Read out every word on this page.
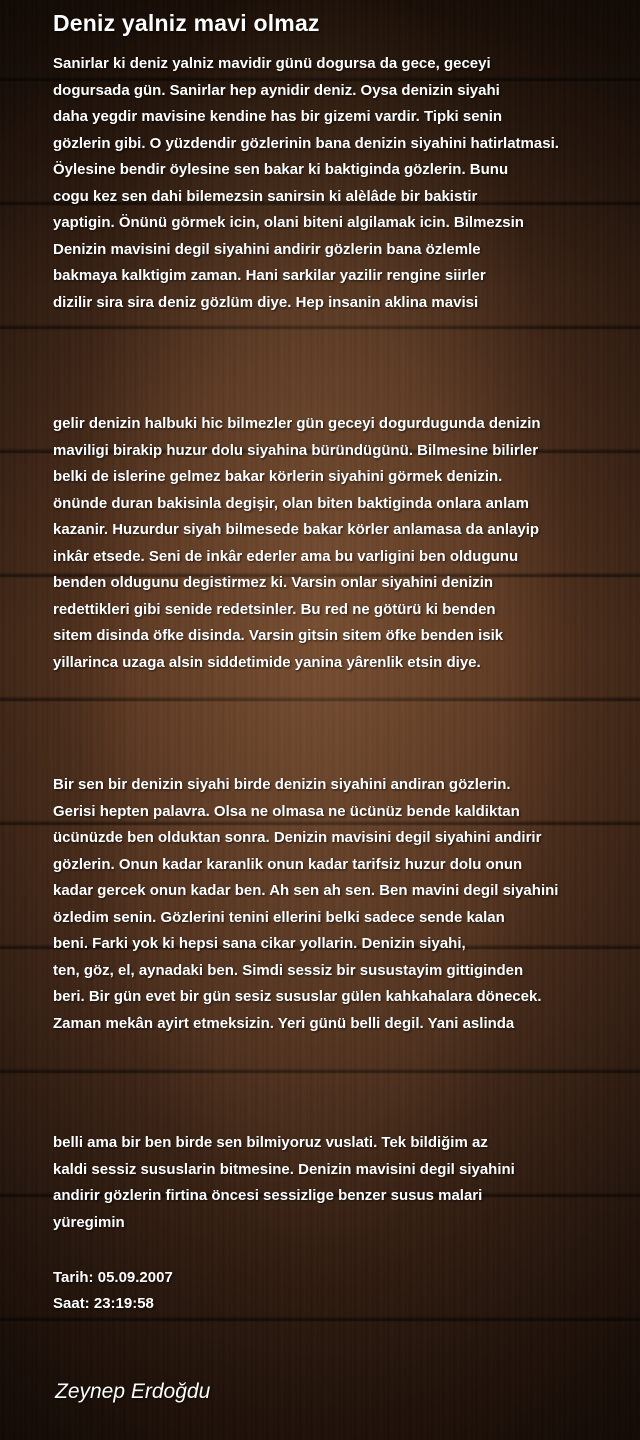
Deniz yalniz mavi olmaz
Sanirlar ki deniz yalniz mavidir günü dogursa da gece, geceyi
dogursada gün. Sanirlar hep aynidir deniz. Oysa denizin siyahi
daha yegdir mavisine kendine has bir gizemi vardir. Tipki senin
gözlerin gibi. O yüzdendir gözlerinin bana denizin siyahini hatirlatmasi.
Öylesine bendir öylesine sen bakar ki baktiginda gözlerin. Bunu
cogu kez sen dahi bilemezsin sanirsin ki alèlâde bir bakistir
yaptigin. Önünü görmek icin, olani biteni algilamak icin. Bilmezsin
Denizin mavisini degil siyahini andirir gözlerin bana özlemle
bakmaya kalktigim zaman. Hani sarkilar yazilir rengine siirler
dizilir sira sira deniz gözlüm diye. Hep insanin aklina mavisi
gelir denizin halbuki hic bilmezler gün geceyi dogurdugunda denizin
maviligi birakip huzur dolu siyahina büründügünü. Bilmesine bilirler
belki de islerine gelmez bakar körlerin siyahini görmek denizin.
önünde duran bakisinla degişir, olan biten baktiginda onlara anlam
kazanir. Huzurdur siyah bilmesede bakar körler anlamasa da anlayip
inkâr etsede. Seni de inkâr ederler ama bu varligini ben oldugunu
benden oldugunu degistirmez ki. Varsin onlar siyahini denizin
redettikleri gibi senide redetsinler. Bu red ne götürü ki benden
sitem disinda öfke disinda. Varsin gitsin sitem öfke benden isik
yillarinca uzaga alsin siddetimide yanina yârenlik etsin diye.
Bir sen bir denizin siyahi birde denizin siyahini andiran gözlerin.
Gerisi hepten palavra. Olsa ne olmasa ne ücünüz bende kaldiktan
ücünüzde ben olduktan sonra. Denizin mavisini degil siyahini andirir
gözlerin. Onun kadar karanlik onun kadar tarifsiz huzur dolu onun
kadar gercek onun kadar ben. Ah sen ah sen. Ben mavini degil siyahini
özledim senin. Gözlerini tenini ellerini belki sadece sende kalan
beni. Farki yok ki hepsi sana cikar yollarin. Denizin siyahi,
ten, göz, el, aynadaki ben. Simdi sessiz bir susustayim gittiginden
beri. Bir gün evet bir gün sesiz sususlar gülen kahkahalara dönecek.
Zaman mekân ayirt etmeksizin. Yeri günü belli degil. Yani aslinda
belli ama bir ben birde sen bilmiyoruz vuslati. Tek bildiğim az
kaldi sessiz sususlarin bitmesine. Denizin mavisini degil siyahini
andirir gözlerin firtina öncesi sessizlige benzer susus malari
yüregimin
Tarih: 05.09.2007
Saat: 23:19:58
Zeynep Erdoğdu
